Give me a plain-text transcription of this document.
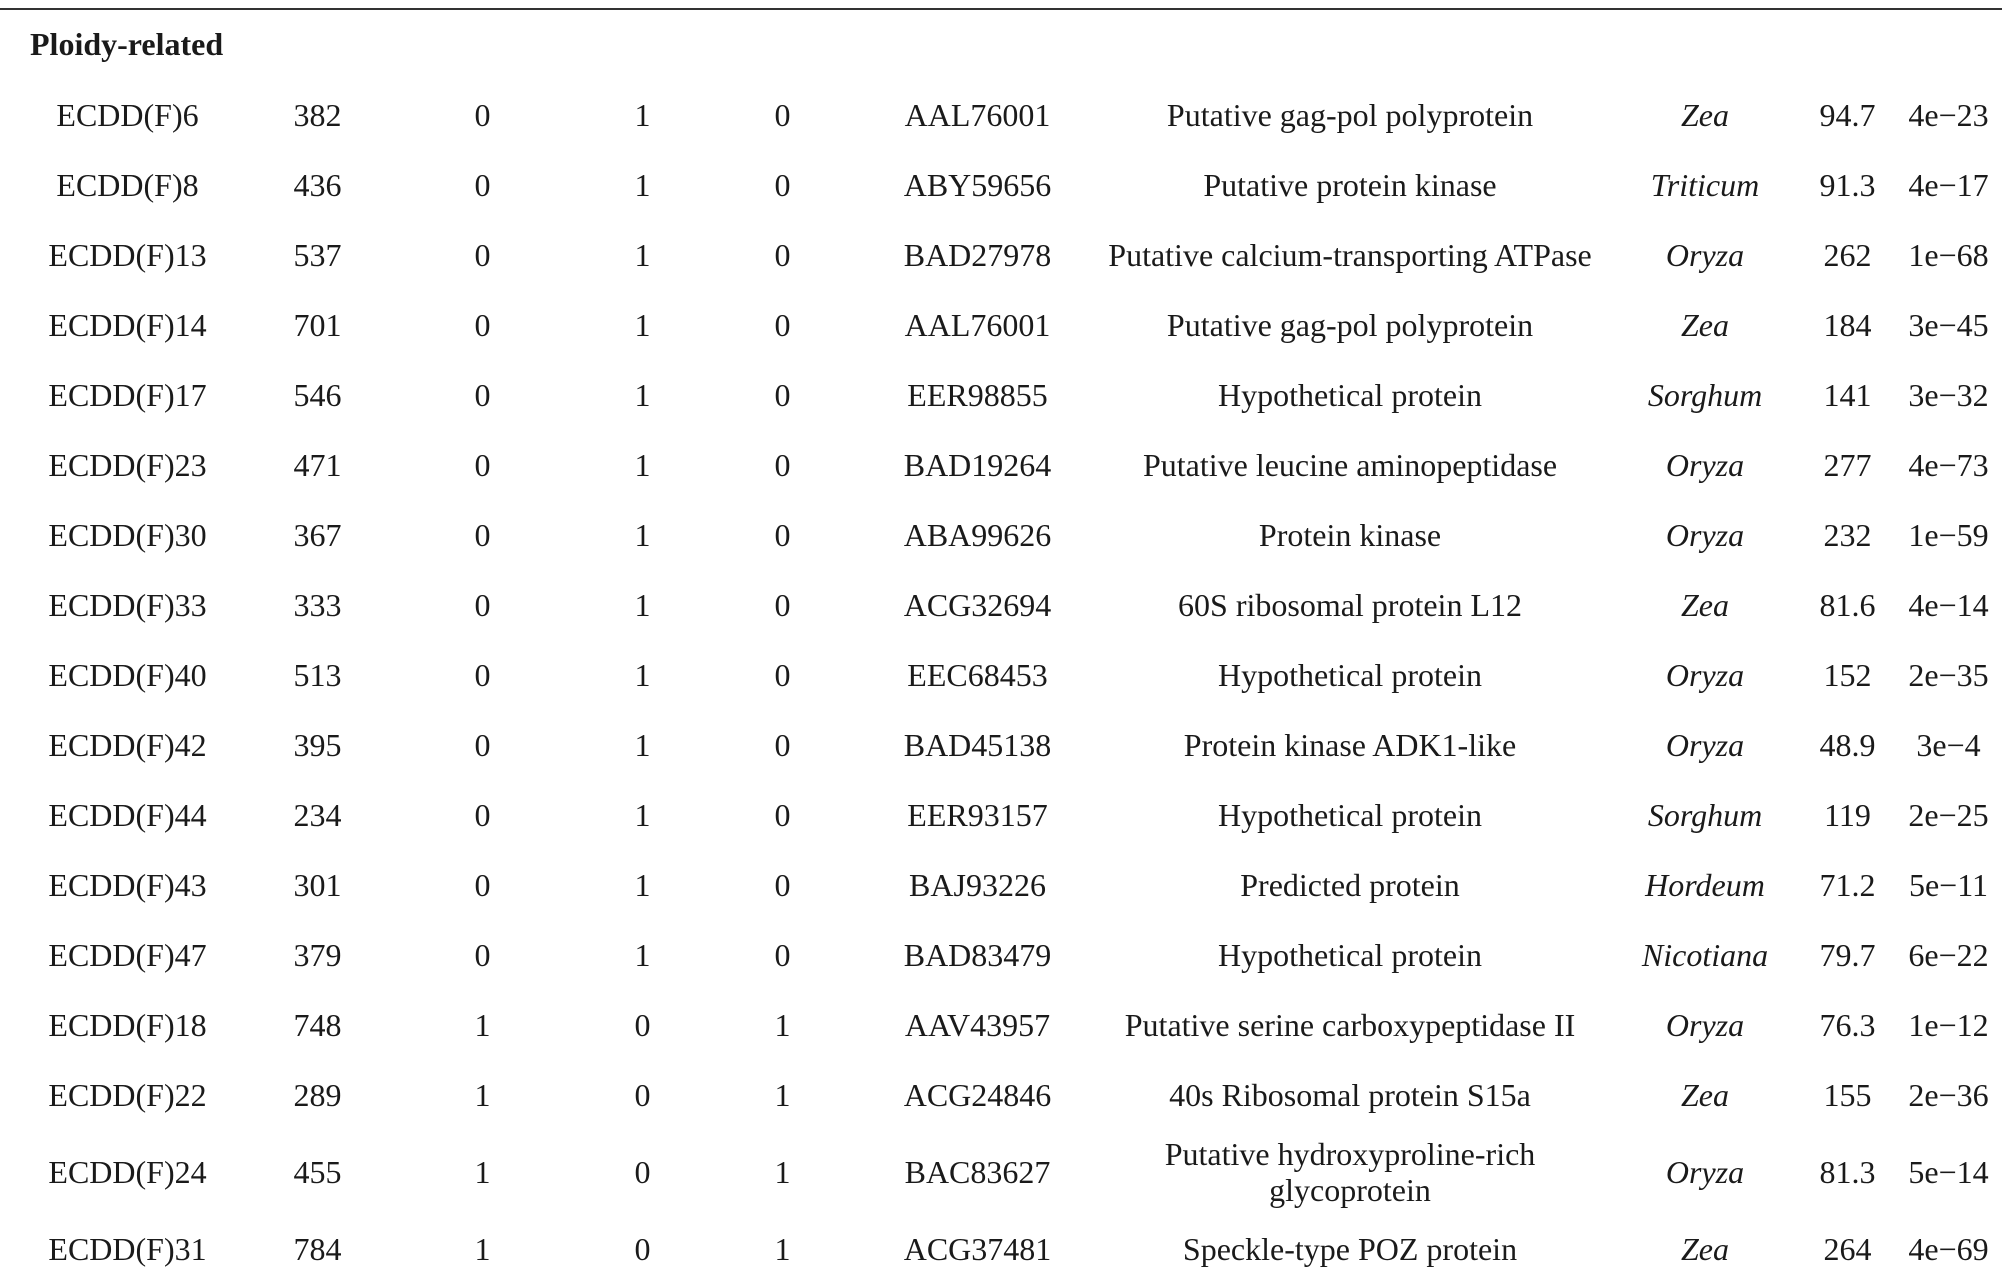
Ploidy-related
ECDD(F)6	382	0	1	0	AAL76001	Putative gag-pol polyprotein	Zea	94.7	4e−23
ECDD(F)8	436	0	1	0	ABY59656	Putative protein kinase	Triticum	91.3	4e−17
ECDD(F)13	537	0	1	0	BAD27978	Putative calcium-transporting ATPase	Oryza	262	1e−68
ECDD(F)14	701	0	1	0	AAL76001	Putative gag-pol polyprotein	Zea	184	3e−45
ECDD(F)17	546	0	1	0	EER98855	Hypothetical protein	Sorghum	141	3e−32
ECDD(F)23	471	0	1	0	BAD19264	Putative leucine aminopeptidase	Oryza	277	4e−73
ECDD(F)30	367	0	1	0	ABA99626	Protein kinase	Oryza	232	1e−59
ECDD(F)33	333	0	1	0	ACG32694	60S ribosomal protein L12	Zea	81.6	4e−14
ECDD(F)40	513	0	1	0	EEC68453	Hypothetical protein	Oryza	152	2e−35
ECDD(F)42	395	0	1	0	BAD45138	Protein kinase ADK1-like	Oryza	48.9	3e−4
ECDD(F)44	234	0	1	0	EER93157	Hypothetical protein	Sorghum	119	2e−25
ECDD(F)43	301	0	1	0	BAJ93226	Predicted protein	Hordeum	71.2	5e−11
ECDD(F)47	379	0	1	0	BAD83479	Hypothetical protein	Nicotiana	79.7	6e−22
ECDD(F)18	748	1	0	1	AAV43957	Putative serine carboxypeptidase II	Oryza	76.3	1e−12
ECDD(F)22	289	1	0	1	ACG24846	40s Ribosomal protein S15a	Zea	155	2e−36
ECDD(F)24	455	1	0	1	BAC83627	Putative hydroxyproline-rich glycoprotein	Oryza	81.3	5e−14
ECDD(F)31	784	1	0	1	ACG37481	Speckle-type POZ protein	Zea	264	4e−69
